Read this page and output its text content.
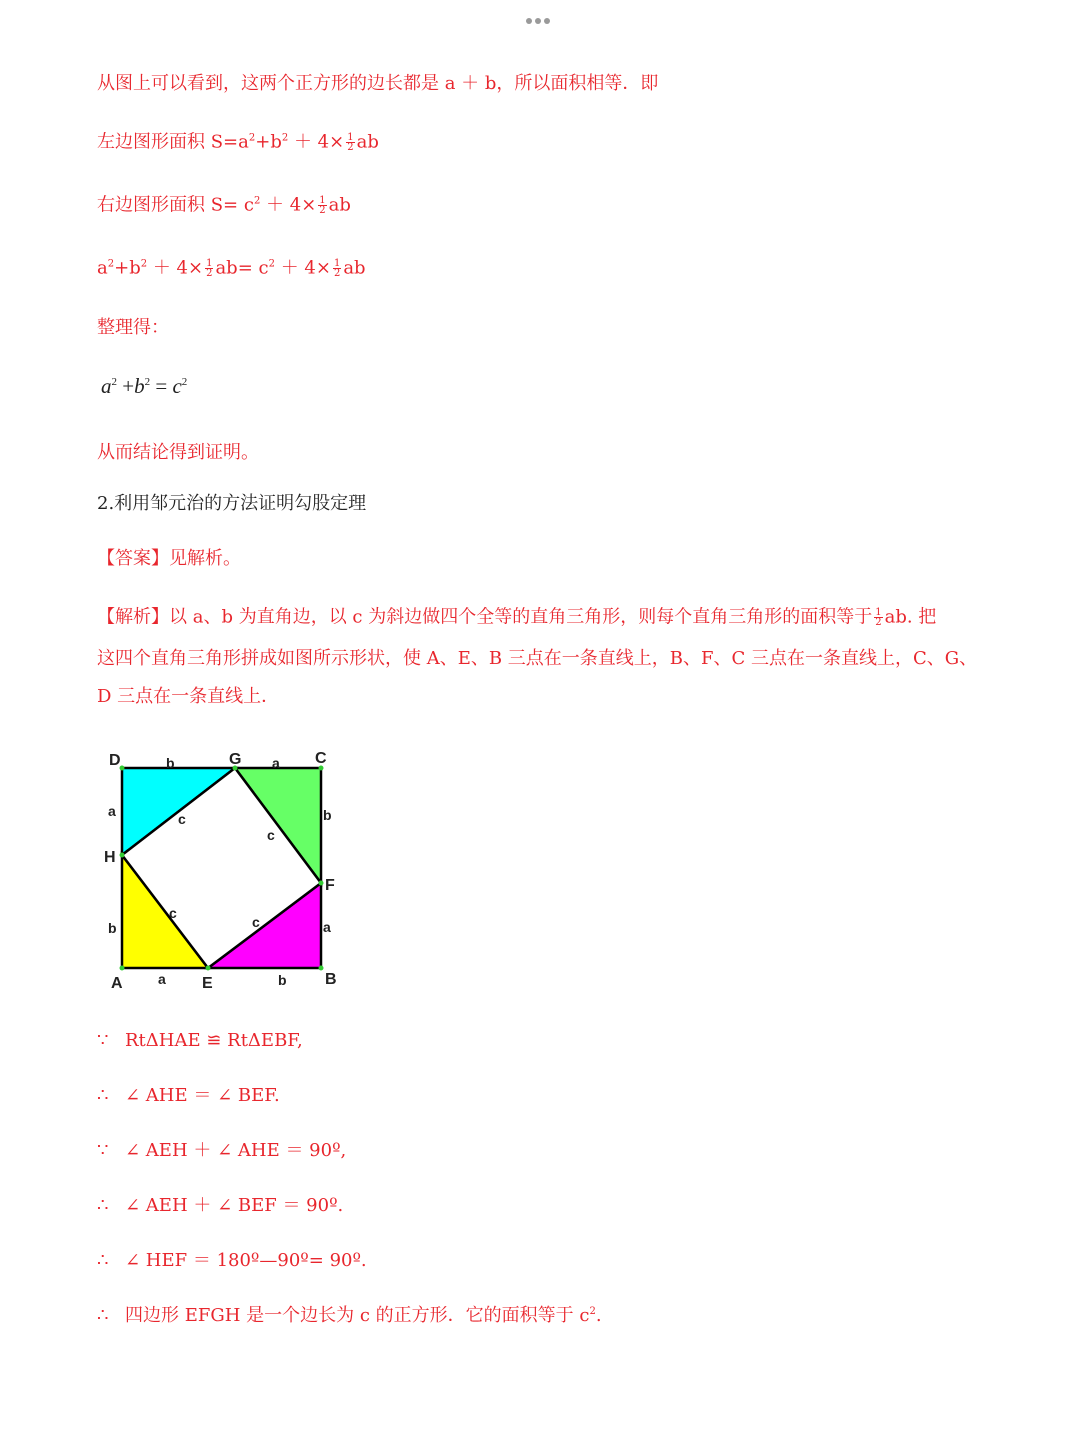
从图上可以看到，这两个正方形的边长都是 a ＋ b，所以面积相等．即
左边图形面积 $S=a^2+b^2 + 4\times \frac{1}{2}$ ab
右边图形面积 $S= c^2 + 4\times \frac{1}{2}$ ab
$a^2+b^2 + 4\times \frac{1}{2} ab= c^2 + 4\times \frac{1}{2}$ ab
整理得：
$a^2 +b^2 = c^2$
从而结论得到证明。
2.利用邹元治的方法证明勾股定理
【答案】见解析。
【解析】以 a、b 为直角边，以 c 为斜边做四个全等的直角三角形，则每个直角三角形的面积等于 $\frac{1}{2}$ ab. 把
这四个直角三角形拼成如图所示形状，使 A、E、B 三点在一条直线上，B、F、C 三点在一条直线上，C、G、
D 三点在一条直线上．
D	G	C
H
F
A	E	B
b	a
a	b
b	a
a	b
c
c
c
c
∵ RtΔHAE ≌ RtΔEBF,
∴ ∠ AHE ＝ ∠ BEF.
∵ ∠ AEH ＋ ∠ AHE ＝ 90º,
∴ ∠ AEH ＋ ∠ BEF ＝ 90º.
∴ ∠ HEF ＝ 180º—90º= 90º.
∴ 四边形 EFGH 是一个边长为 c 的正方形．它的面积等于 $c^2$.
